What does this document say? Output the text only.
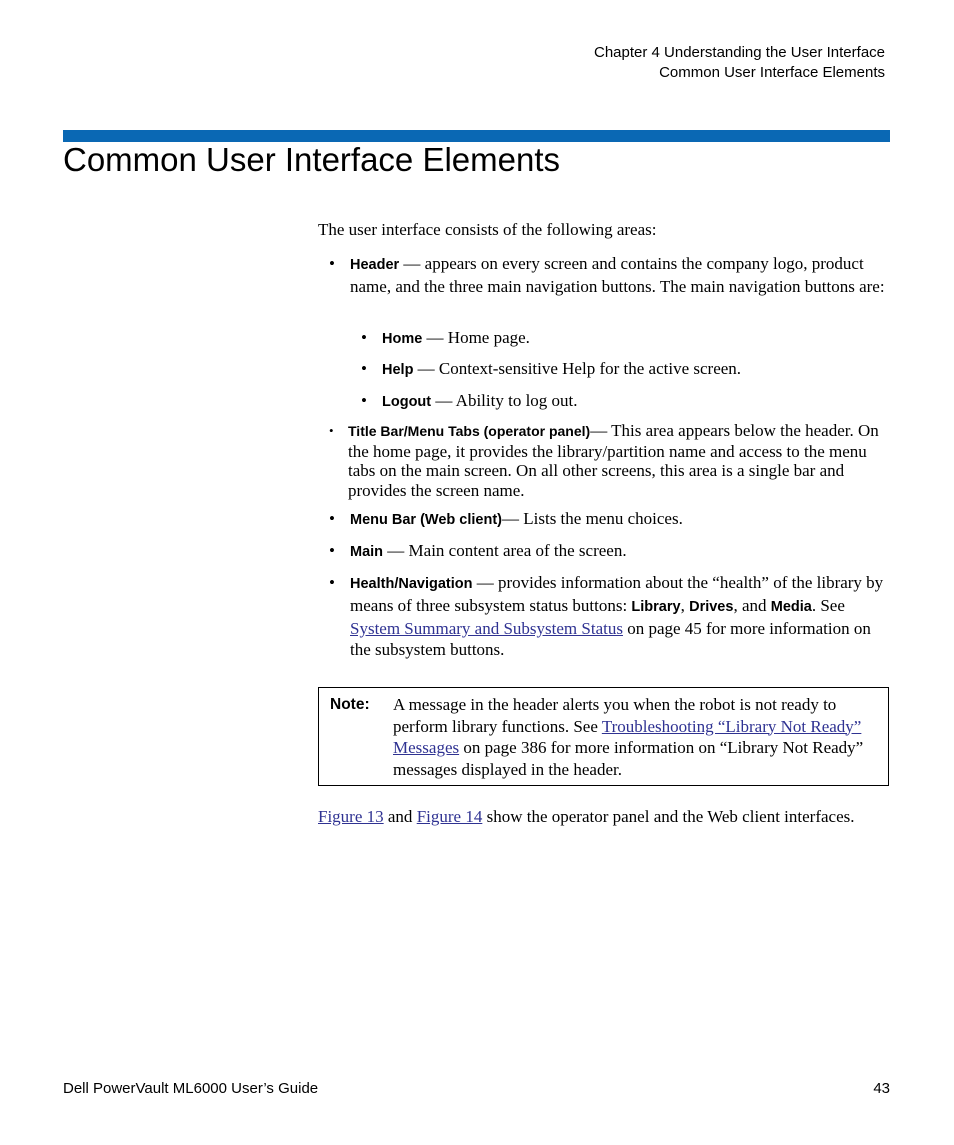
Chapter 4 Understanding the User Interface
Common User Interface Elements
Common User Interface Elements
The user interface consists of the following areas:
• Header — appears on every screen and contains the company logo, product name, and the three main navigation buttons. The main navigation buttons are:
• Home — Home page.
• Help — Context-sensitive Help for the active screen.
• Logout — Ability to log out.
• Title Bar/Menu Tabs (operator panel)— This area appears below the header. On the home page, it provides the library/partition name and access to the menu tabs on the main screen. On all other screens, this area is a single bar and provides the screen name.
• Menu Bar (Web client)— Lists the menu choices.
• Main — Main content area of the screen.
• Health/Navigation — provides information about the “health” of the library by means of three subsystem status buttons: Library, Drives, and Media. See System Summary and Subsystem Status on page 45 for more information on the subsystem buttons.
Note: A message in the header alerts you when the robot is not ready to perform library functions. See Troubleshooting “Library Not Ready” Messages on page 386 for more information on “Library Not Ready” messages displayed in the header.
Figure 13 and Figure 14 show the operator panel and the Web client interfaces.
Dell PowerVault ML6000 User’s Guide	43
